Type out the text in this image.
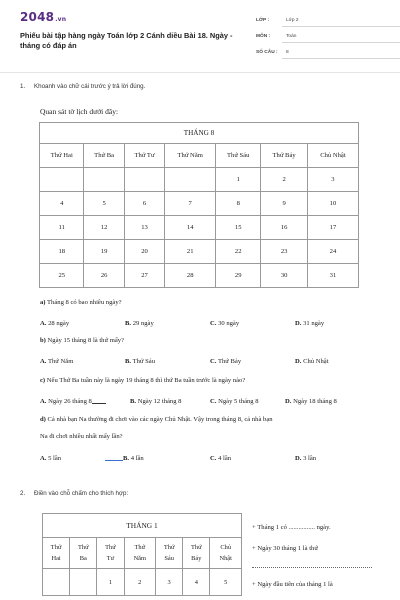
2048.vn
Phiếu bài tập hàng ngày Toán lớp 2 Cánh diều Bài 18. Ngày - tháng có đáp án
LỚP :	Lớp 2
MÔN :	Toán
SỐ CÂU : 8
1. Khoanh vào chữ cái trước ý trả lời đúng.
Quan sát tờ lịch dưới đây:
THÁNG 8						
Thứ Hai	Thứ Ba	Thứ Tư	Thứ Năm	Thứ Sáu	Thứ Bảy	Chủ Nhật
				1	2	3
4	5	6	7	8	9	10
11	12	13	14	15	16	17
18	19	20	21	22	23	24
25	26	27	28	29	30	31
a) Tháng 8 có bao nhiêu ngày?
A. 28 ngày	B. 29 ngày	C. 30 ngày	D. 31 ngày
b) Ngày 15 tháng 8 là thứ mấy?
A. Thứ Năm	B. Thứ Sáu	C. Thứ Bảy	D. Chủ Nhật
c) Nếu Thứ Ba tuần này là ngày 19 tháng 8 thì thứ Ba tuần trước là ngày nào?
A. Ngày 26 tháng 8	B. Ngày 12 tháng 8	C. Ngày 5 tháng 8	D. Ngày 18 tháng 8
d) Cả nhà bạn Na thường đi chơi vào các ngày Chủ Nhật. Vậy trong tháng 8, cả nhà bạn
Na đi chơi nhiều nhất mấy lần?
A. 5 lần	B. 4 lần	C. 4 lần	D. 3 lần
2. Điền vào chỗ chấm cho thích hợp:
THÁNG 1						
Thứ
Hai	Thứ
Ba	Thứ
Tư	Thứ
Năm	Thứ
Sáu	Thứ
Bảy	Chủ
Nhật
		1	2	3	4	5
+ Tháng 1 có ................ ngày.
+ Ngày 30 tháng 1 là thứ
+ Ngày đầu tiên của tháng 1 là
